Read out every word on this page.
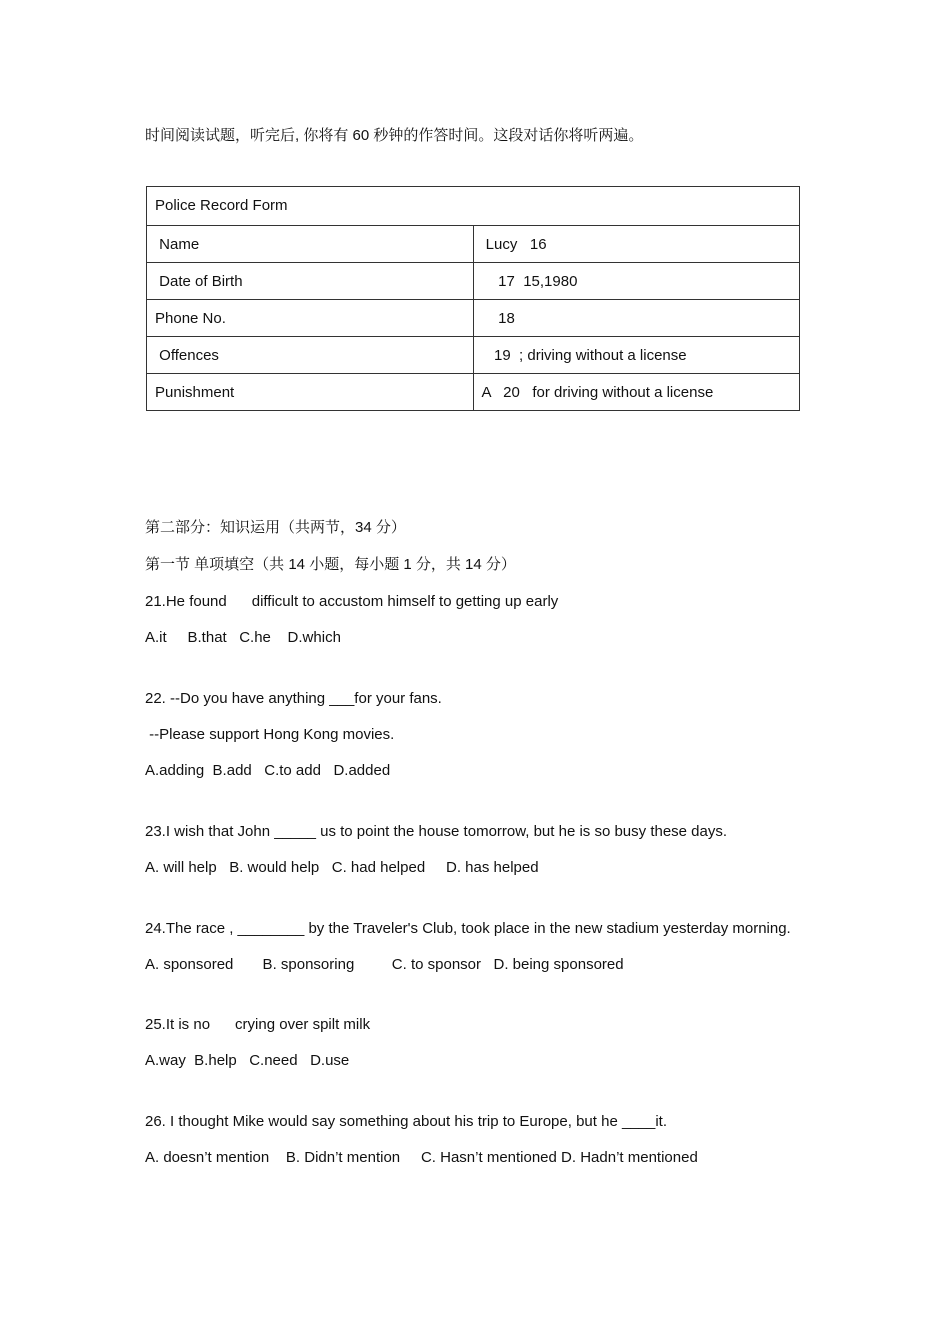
时间阅读试题，听完后, 你将有 60 秒钟的作答时间。这段对话你将听两遍。
Police Record Form	
Name	Lucy   16
Date of Birth	17  15,1980
Phone No.	18
Offences	19  ; driving without a license
Punishment	A   20   for driving without a license
第二部分：知识运用（共两节，34 分）
第一节 单项填空（共 14 小题，每小题 1 分，共 14 分）
21.He found      difficult to accustom himself to getting up early
A.it     B.that   C.he    D.which
22. --Do you have anything ___for your fans.
--Please support Hong Kong movies.
A.adding  B.add   C.to add   D.added
23.I wish that John _____ us to point the house tomorrow, but he is so busy these days.
A. will help   B. would help   C. had helped     D. has helped
24.The race , ________ by the Traveler's Club, took place in the new stadium yesterday morning.
A. sponsored       B. sponsoring         C. to sponsor   D. being sponsored
25.It is no      crying over spilt milk
A.way  B.help   C.need   D.use
26. I thought Mike would say something about his trip to Europe, but he ____it.
A. doesn’t mention    B. Didn’t mention     C. Hasn’t mentioned D. Hadn’t mentioned
